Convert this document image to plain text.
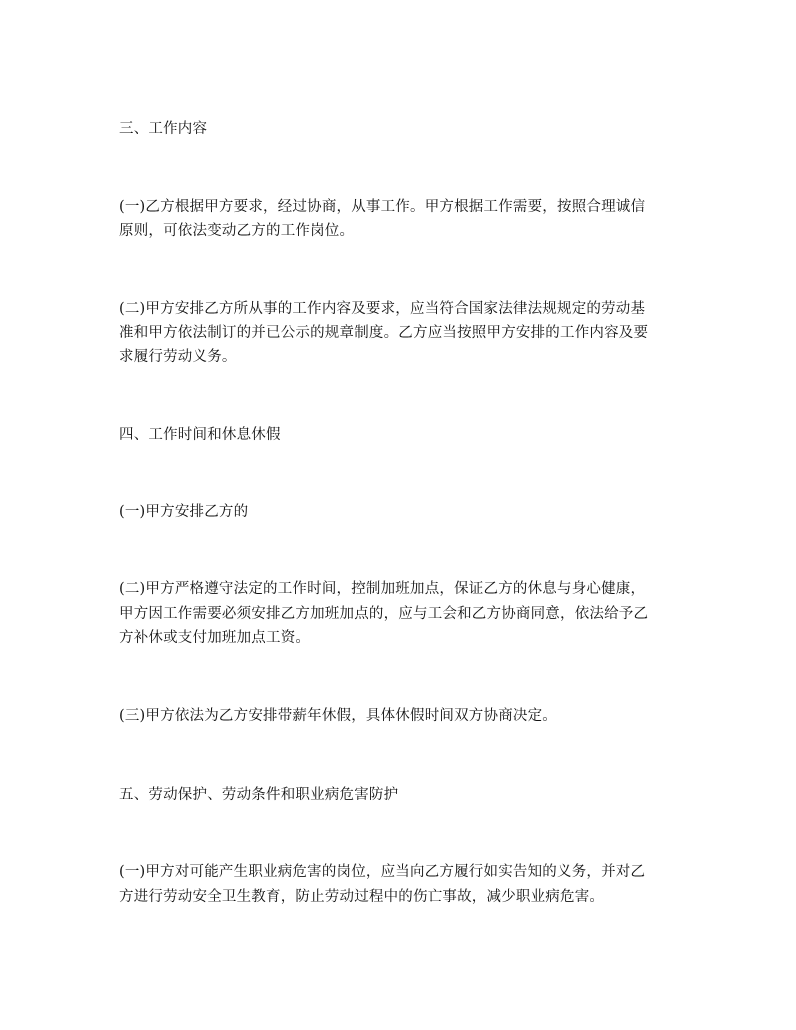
三、工作内容
(一)乙方根据甲方要求，经过协商，从事工作。甲方根据工作需要，按照合理诚信
原则，可依法变动乙方的工作岗位。
(二)甲方安排乙方所从事的工作内容及要求，应当符合国家法律法规规定的劳动基
准和甲方依法制订的并已公示的规章制度。乙方应当按照甲方安排的工作内容及要
求履行劳动义务。
四、工作时间和休息休假
(一)甲方安排乙方的
(二)甲方严格遵守法定的工作时间，控制加班加点，保证乙方的休息与身心健康，
甲方因工作需要必须安排乙方加班加点的，应与工会和乙方协商同意，依法给予乙
方补休或支付加班加点工资。
(三)甲方依法为乙方安排带薪年休假，具体休假时间双方协商决定。
五、劳动保护、劳动条件和职业病危害防护
(一)甲方对可能产生职业病危害的岗位，应当向乙方履行如实告知的义务，并对乙
方进行劳动安全卫生教育，防止劳动过程中的伤亡事故，减少职业病危害。
